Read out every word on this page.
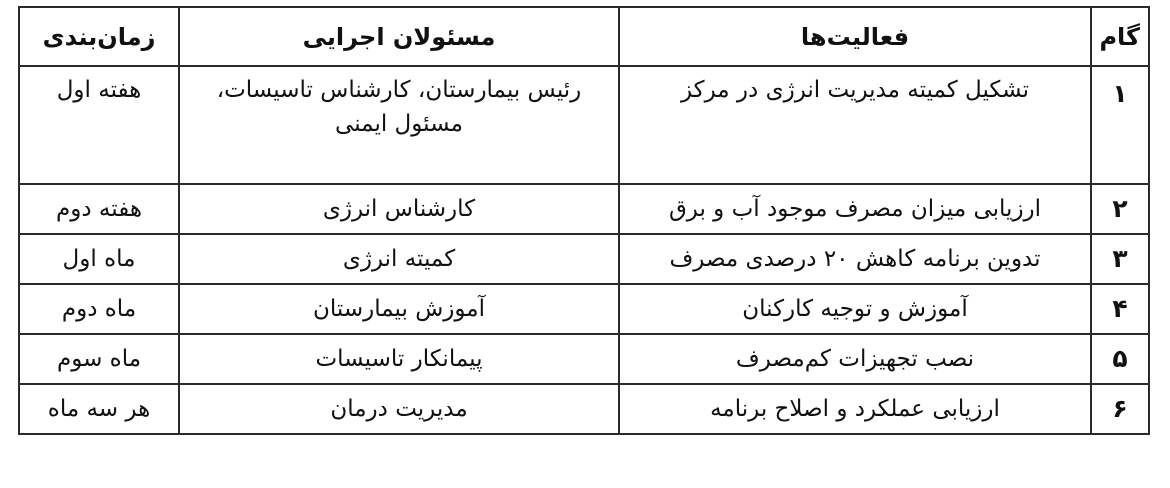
گام	فعالیت‌ها	مسئولان اجرایی	زمان‌بندی
۱	تشکیل کمیته مدیریت انرژی در مرکز	رئیس بیمارستان، کارشناس تاسیسات، مسئول ایمنی	هفته اول
۲	ارزیابی میزان مصرف موجود آب و برق	کارشناس انرژی	هفته دوم
۳	تدوین برنامه کاهش ۲۰ درصدی مصرف	کمیته انرژی	ماه اول
۴	آموزش و توجیه کارکنان	آموزش بیمارستان	ماه دوم
۵	نصب تجهیزات کم‌مصرف	پیمانکار تاسیسات	ماه سوم
۶	ارزیابی عملکرد و اصلاح برنامه	مدیریت درمان	هر سه ماه
